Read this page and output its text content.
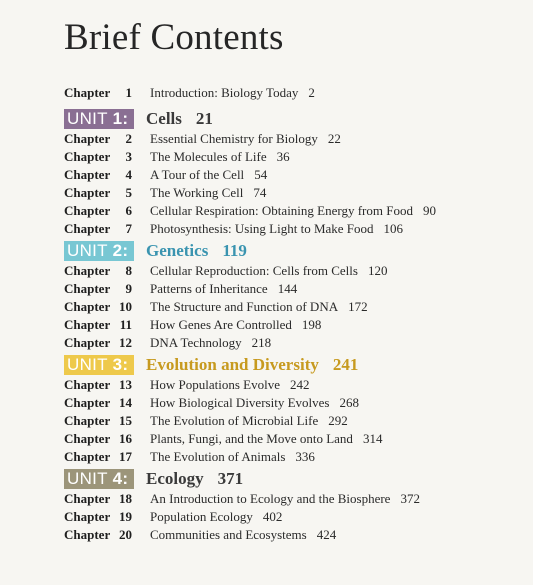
Brief Contents
Chapter	1 Introduction: Biology Today 2
UNIT 1:	Cells 21
Chapter	2 Essential Chemistry for Biology 22
Chapter	3 The Molecules of Life 36
Chapter	4 A Tour of the Cell 54
Chapter	5 The Working Cell 74
Chapter	6 Cellular Respiration: Obtaining Energy from Food 90
Chapter	7 Photosynthesis: Using Light to Make Food 106
UNIT 2:	Genetics 119
Chapter	8 Cellular Reproduction: Cells from Cells 120
Chapter	9 Patterns of Inheritance 144
Chapter 10 The Structure and Function of DNA 172
Chapter 11 How Genes Are Controlled 198
Chapter 12 DNA Technology 218
UNIT 3:	Evolution and Diversity 241
Chapter 13 How Populations Evolve 242
Chapter 14 How Biological Diversity Evolves 268
Chapter 15 The Evolution of Microbial Life 292
Chapter 16 Plants, Fungi, and the Move onto Land 314
Chapter 17 The Evolution of Animals 336
UNIT 4:	Ecology 371
Chapter 18 An Introduction to Ecology and the Biosphere 372
Chapter 19 Population Ecology 402
Chapter 20 Communities and Ecosystems 424
